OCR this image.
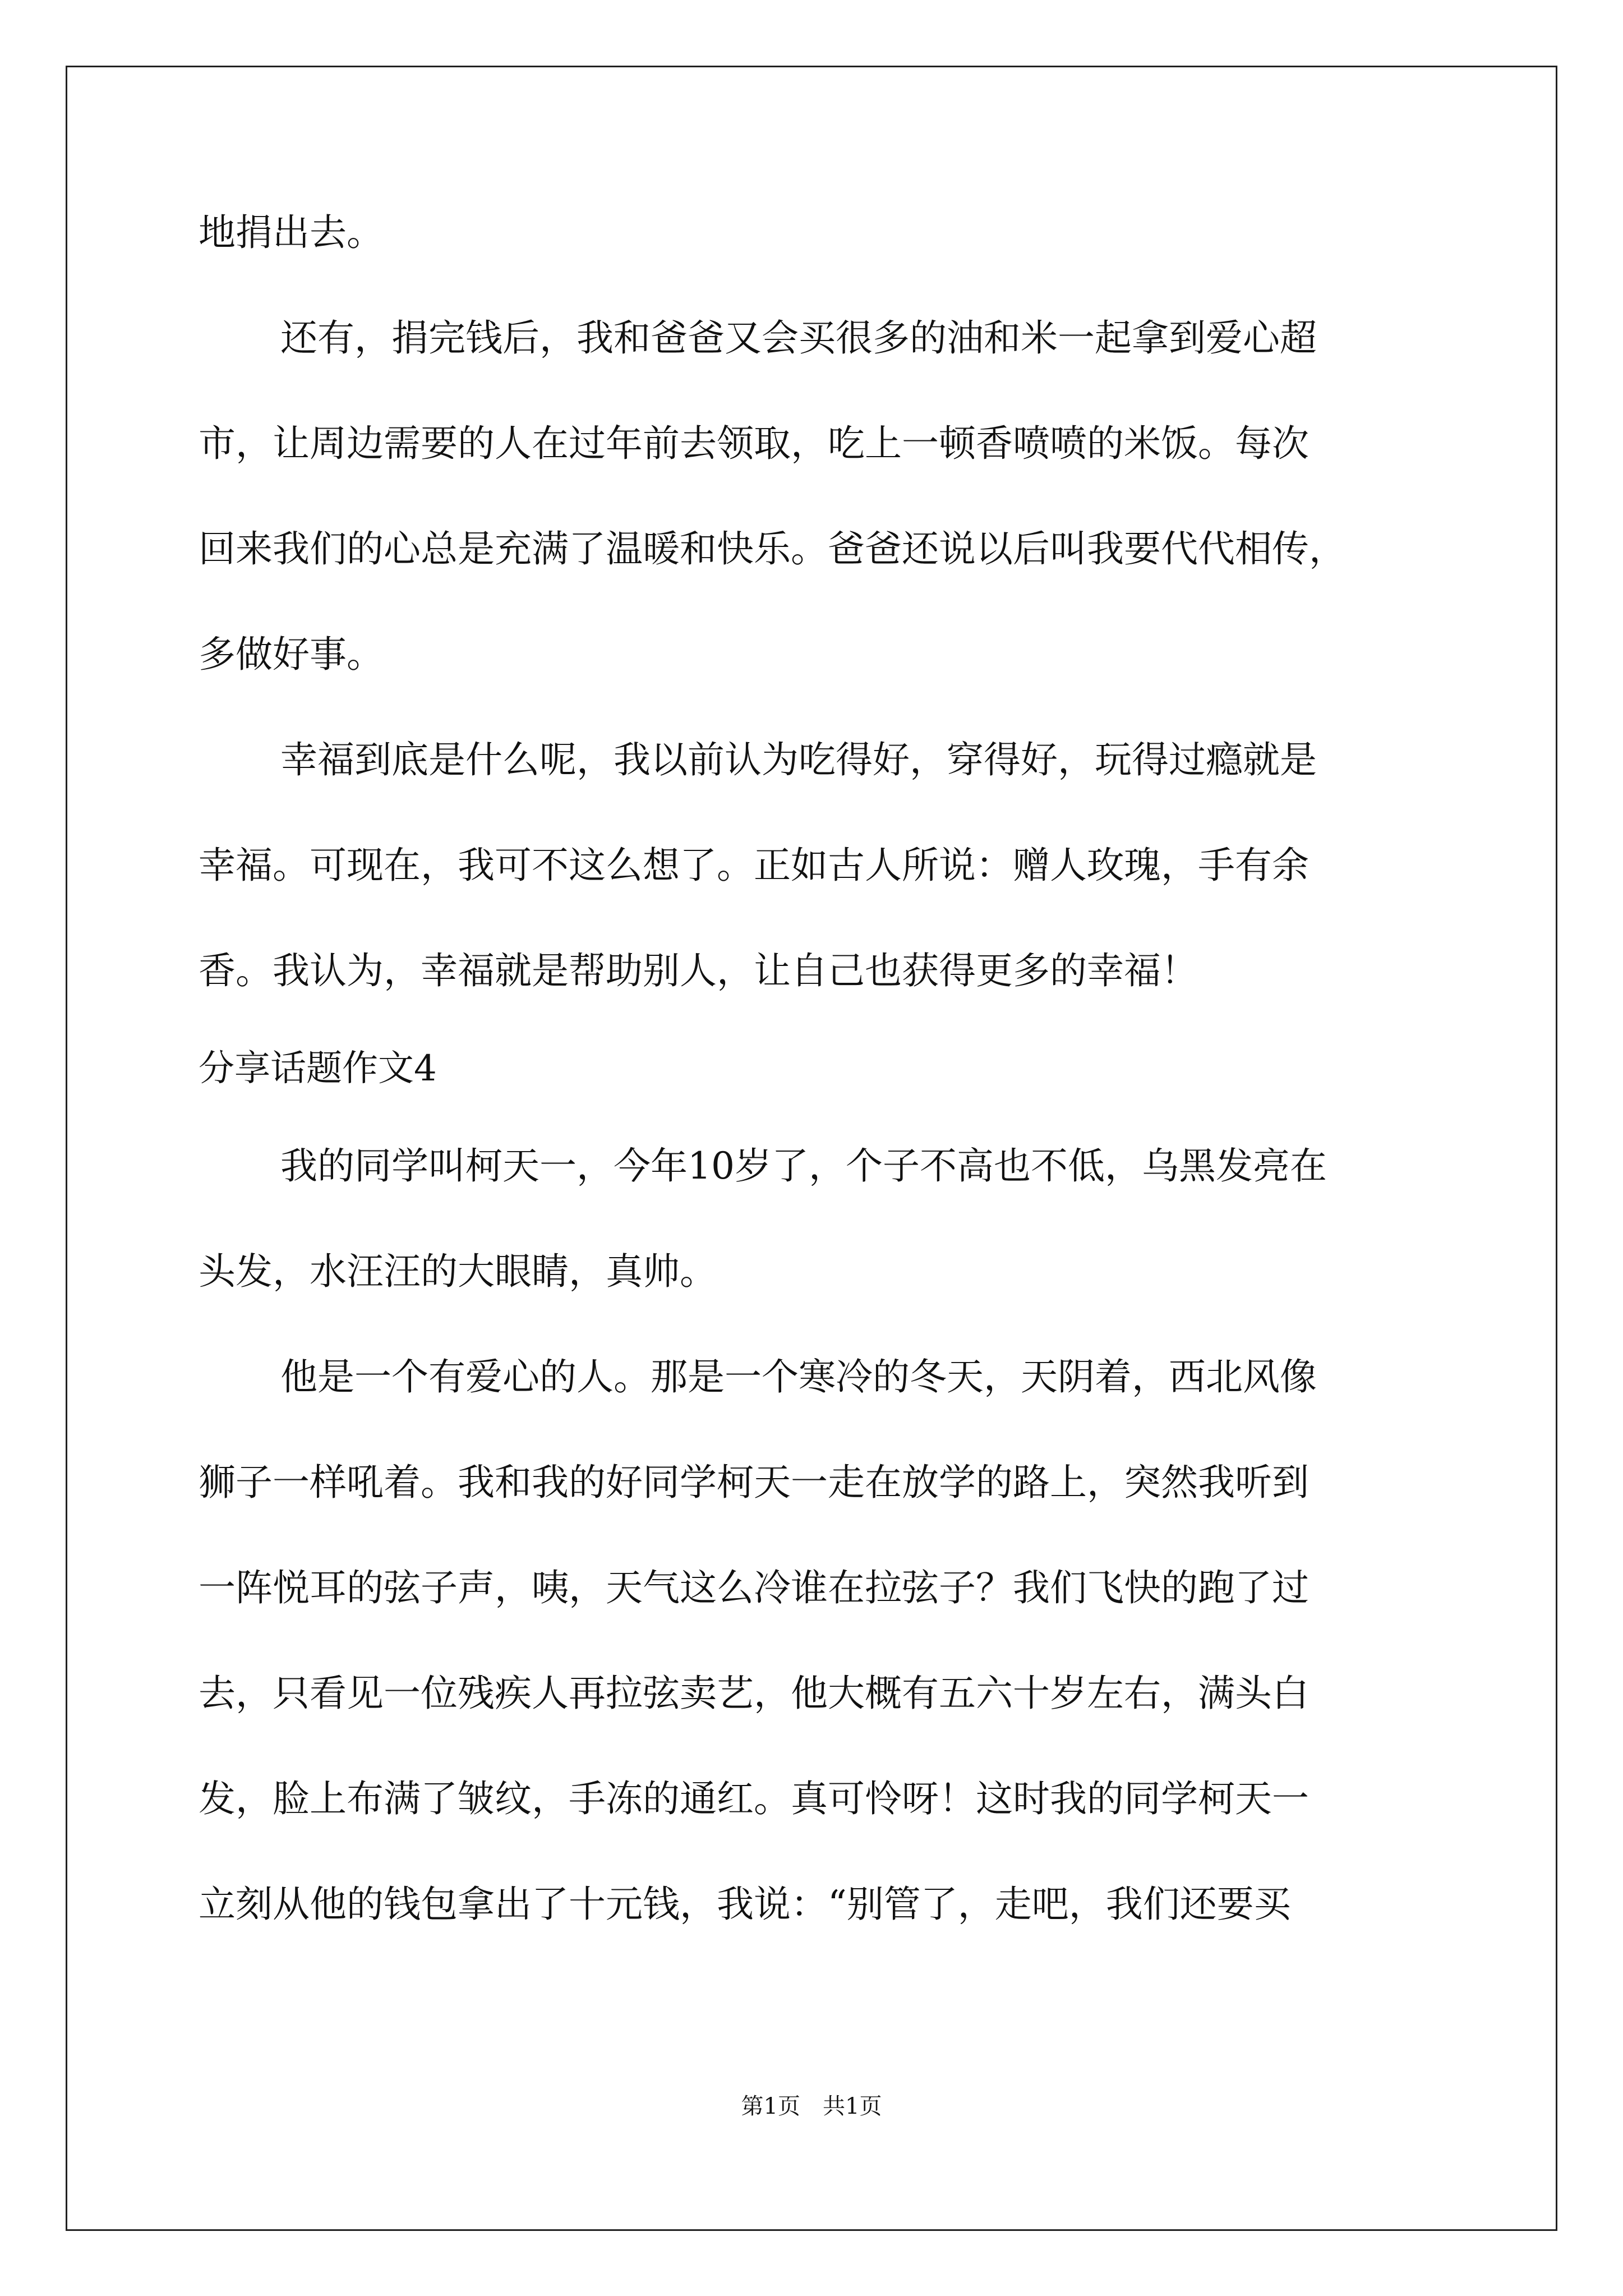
地捐出去。
还有，捐完钱后，我和爸爸又会买很多的油和米一起拿到爱心超
市，让周边需要的人在过年前去领取，吃上一顿香喷喷的米饭。每次
回来我们的心总是充满了温暖和快乐。爸爸还说以后叫我要代代相传，
多做好事。
幸福到底是什么呢，我以前认为吃得好，穿得好，玩得过瘾就是
幸福。可现在，我可不这么想了。正如古人所说：赠人玫瑰，手有余
香。我认为，幸福就是帮助别人，让自己也获得更多的幸福！
分享话题作文4
我的同学叫柯天一，今年10岁了，个子不高也不低，乌黑发亮在
头发，水汪汪的大眼睛，真帅。
他是一个有爱心的人。那是一个寒冷的冬天，天阴着，西北风像
狮子一样吼着。我和我的好同学柯天一走在放学的路上，突然我听到
一阵悦耳的弦子声，咦，天气这么冷谁在拉弦子？我们飞快的跑了过
去，只看见一位残疾人再拉弦卖艺，他大概有五六十岁左右，满头白
发，脸上布满了皱纹，手冻的通红。真可怜呀！这时我的同学柯天一
立刻从他的钱包拿出了十元钱，我说：“别管了，走吧，我们还要买
第1页　共1页
